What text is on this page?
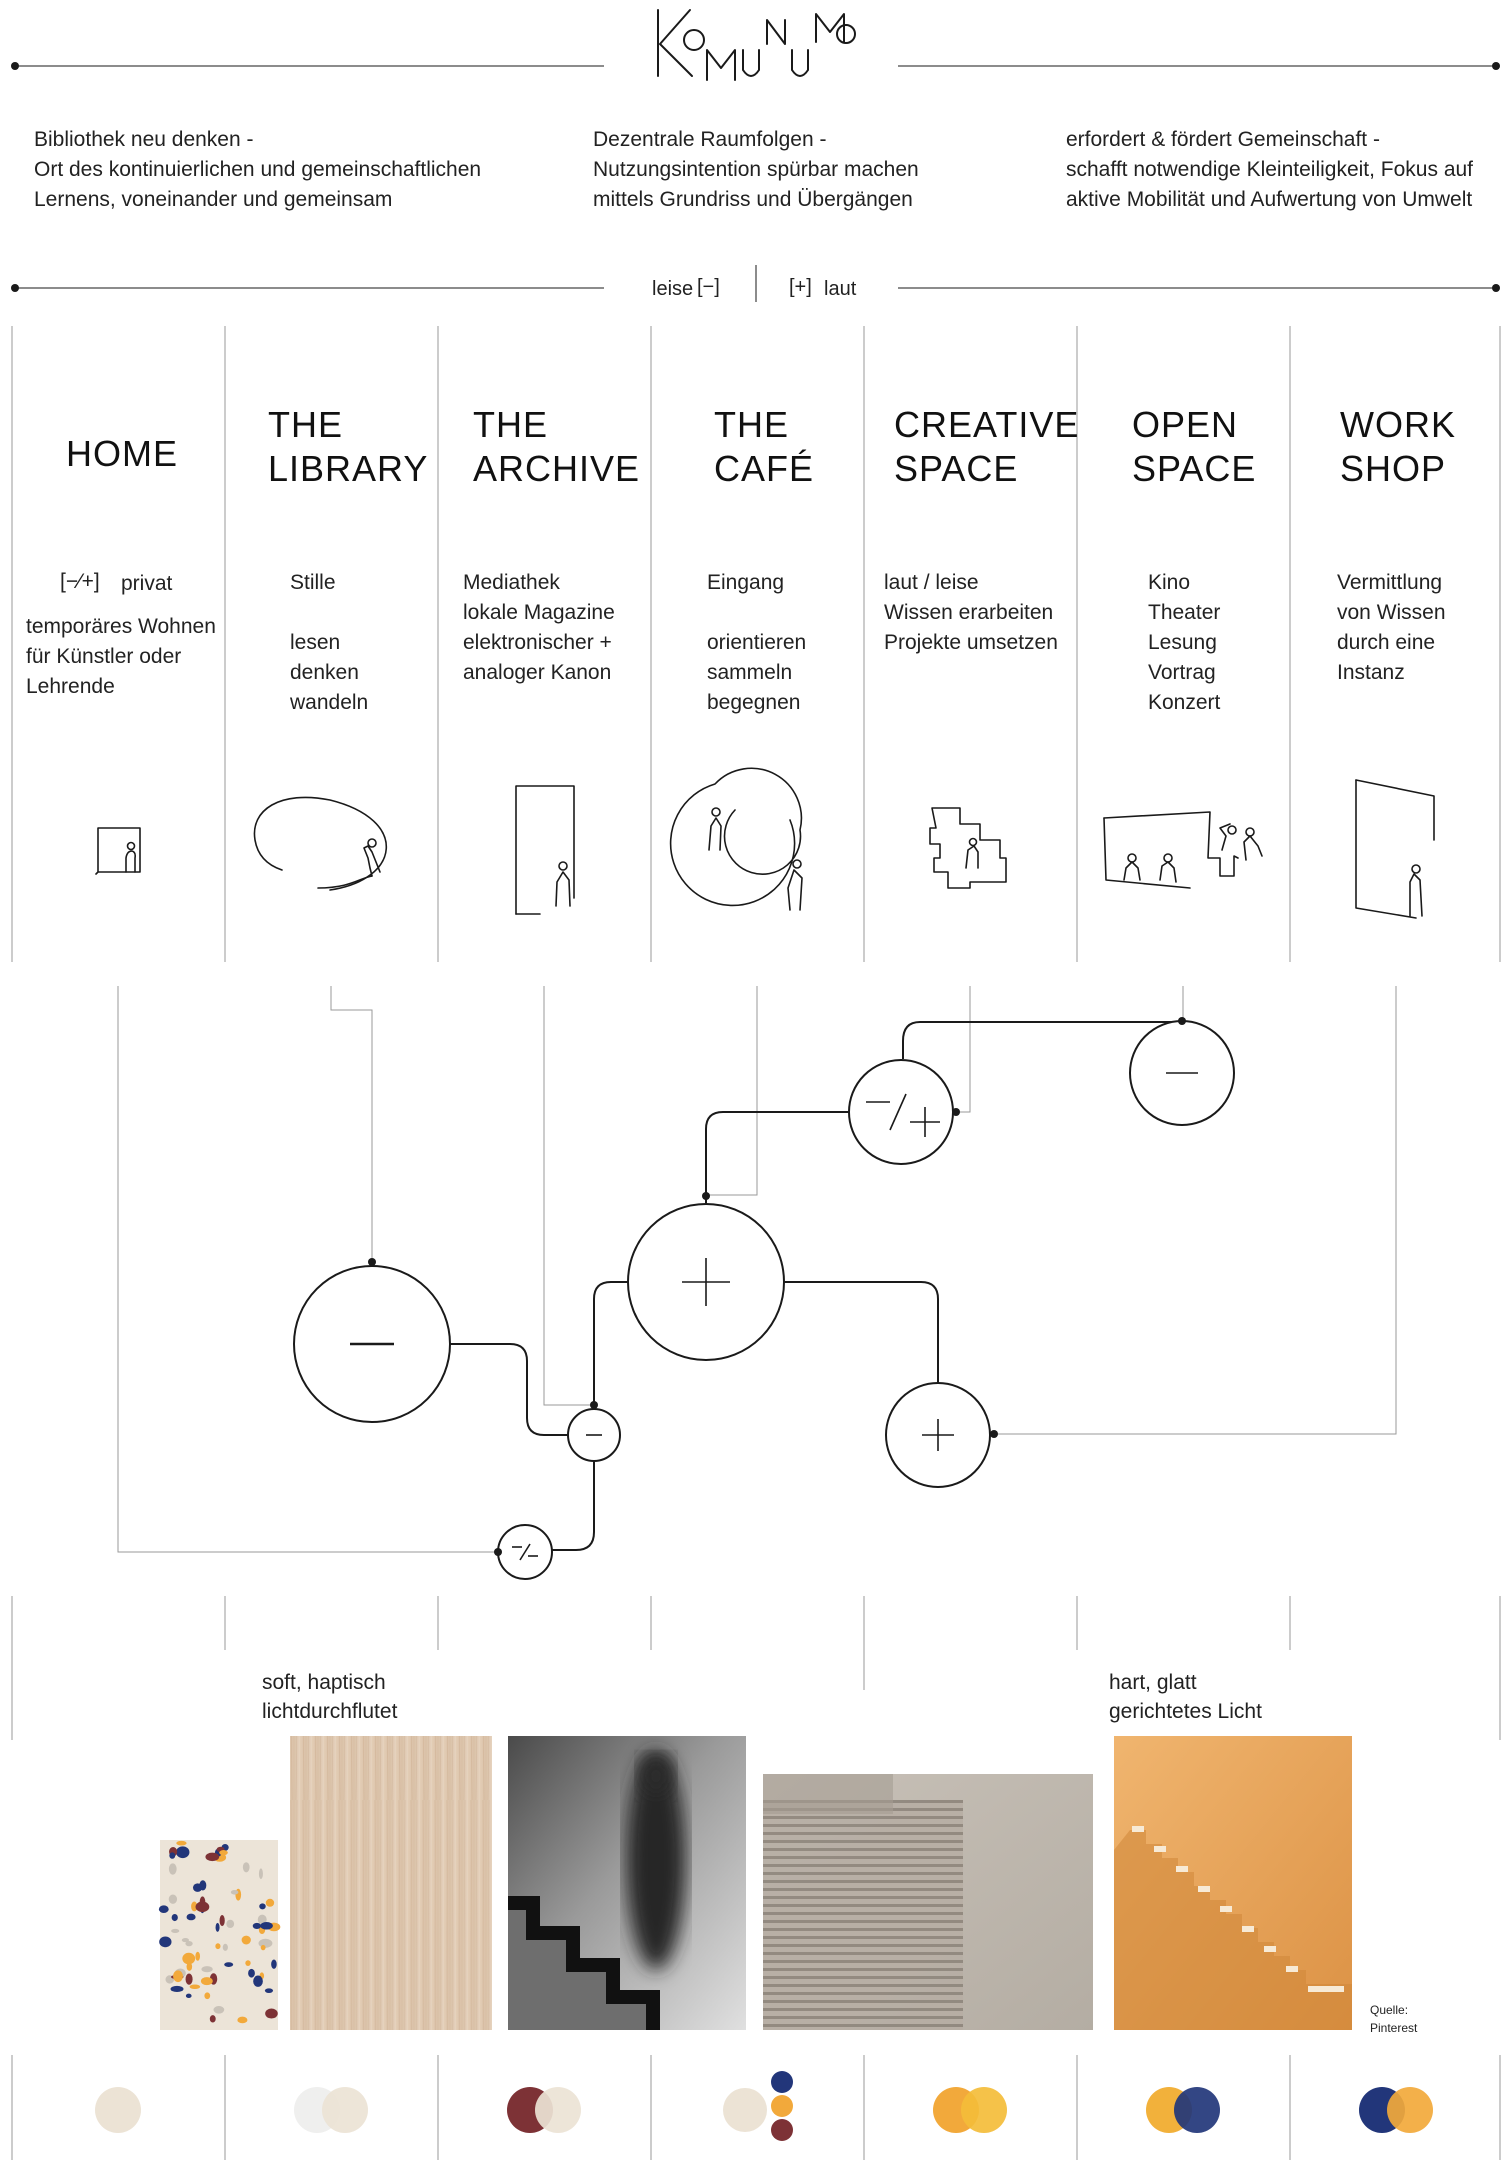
leise [−]	[+] laut
Bibliothek neu denken -
Ort des kontinuierlichen und gemeinschaftlichen
Lernens, voneinander und gemeinsam
Dezentrale Raumfolgen -
Nutzungsintention spürbar machen
mittels Grundriss und Übergängen
erfordert & fördert Gemeinschaft -
schafft notwendige Kleinteiligkeit, Fokus auf
aktive Mobilität und Aufwertung von Umwelt
HOME
THE
LIBRARY
THE
ARCHIVE
THE
CAFÉ
CREATIVE
SPACE
OPEN
SPACE
WORK
SHOP
[−⁄+] privat
temporäres Wohnen
für Künstler oder
Lehrende
Stille

lesen
denken
wandeln
Mediathek
lokale Magazine
elektronischer +
analoger Kanon
Eingang

orientieren
sammeln
begegnen
laut / leise
Wissen erarbeiten
Projekte umsetzen
Kino
Theater
Lesung
Vortrag
Konzert
Vermittlung
von Wissen
durch eine
Instanz
soft, haptisch
lichtdurchflutet
hart, glatt
gerichtetes Licht
Quelle:
Pinterest
